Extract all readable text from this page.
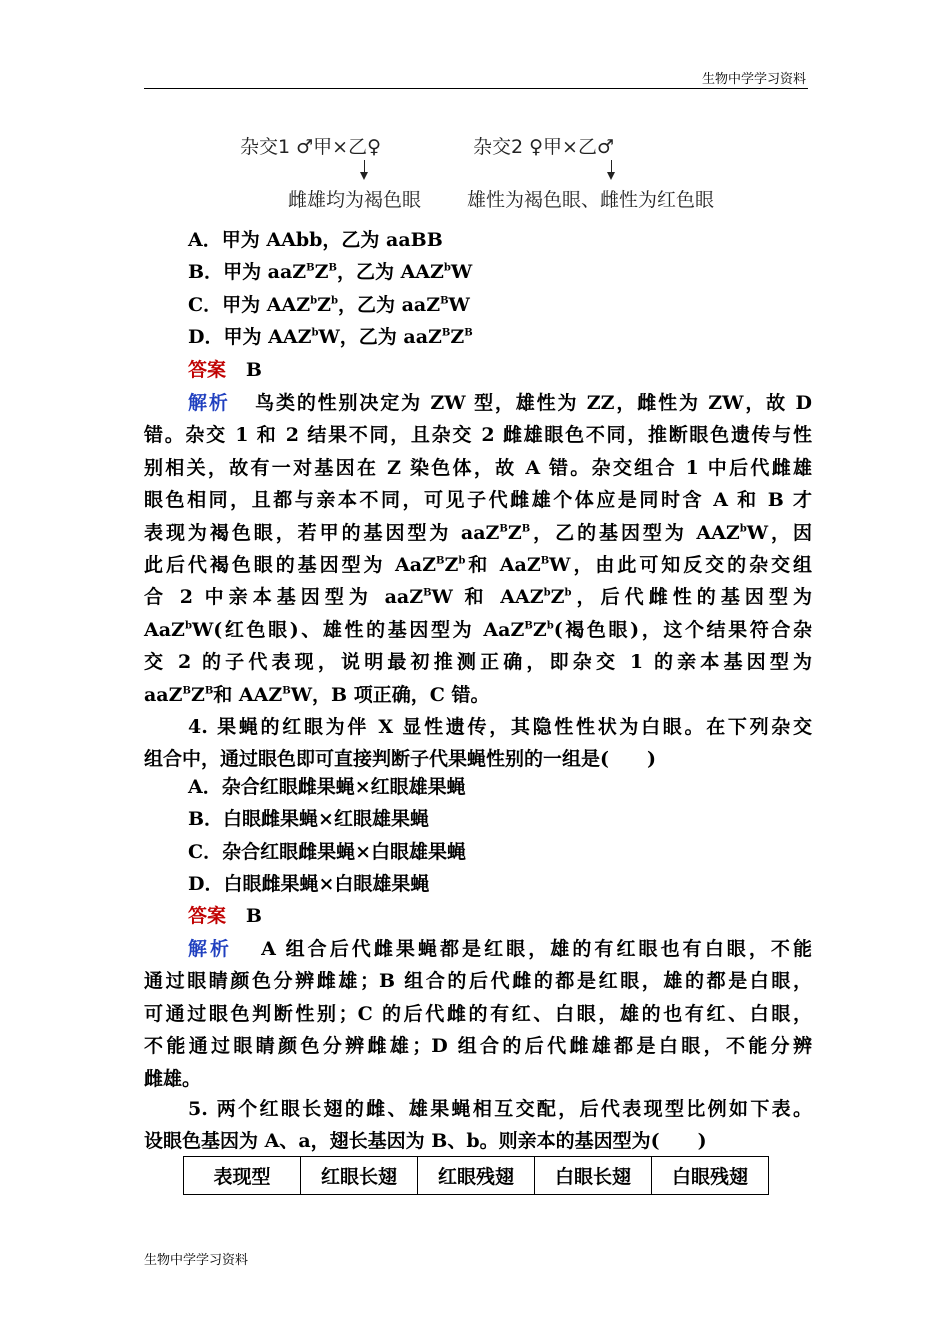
生物中学学习资料
杂交1 ♂甲×乙♀	杂交2 ♀甲×乙♂
雌雄均为褐色眼 雄性为褐色眼、雌性为红色眼
A．甲为 AAbb，乙为 aaBB
B．甲为 $aaZ^BZ^B$，乙为 AAZ$^b$W
C．甲为 $AAZ^bZ^b$，乙为 aaZ$^B$W
D．甲为 AAZ$^b$W，乙为 $aaZ^BZ^B$
答案 B
解析 鸟类的性别决定为 ZW 型，雄性为 ZZ，雌性为 ZW，故 D
错。杂交 1 和 2 结果不同，且杂交 2 雌雄眼色不同，推断眼色遗传与性
别相关，故有一对基因在 Z 染色体，故 A 错。杂交组合 1 中后代雌雄
眼色相同，且都与亲本不同，可见子代雌雄个体应是同时含 A 和 B 才
表现为褐色眼，若甲的基因型为 $aaZ^BZ^B$，乙的基因型为 AAZ$^b$W，因
此后代褐色眼的基因型为 $AaZ^BZ^b$和 AaZ$^B$W，由此可知反交的杂交组
合 2 中亲本基因型为 aaZ$^B$W 和 $AAZ^bZ^b$，后代雌性的基因型为
AaZ$^b$W(红色眼)、雄性的基因型为 $AaZ^BZ^b$(褐色眼)，这个结果符合杂
交 2 的子代表现，说明最初推测正确，即杂交 1 的亲本基因型为
$aaZ^BZ^B$和 $AAZ^BW$，B 项正确，C 错。
4. 果蝇的红眼为伴 X 显性遗传，其隐性性状为白眼。在下列杂交
组合中，通过眼色即可直接判断子代果蝇性别的一组是(　　)
A．杂合红眼雌果蝇×红眼雄果蝇
B．白眼雌果蝇×红眼雄果蝇
C．杂合红眼雌果蝇×白眼雄果蝇
D．白眼雌果蝇×白眼雄果蝇
答案 B
解析 A 组合后代雌果蝇都是红眼，雄的有红眼也有白眼，不能
通过眼睛颜色分辨雌雄；B 组合的后代雌的都是红眼，雄的都是白眼，
可通过眼色判断性别；C 的后代雌的有红、白眼，雄的也有红、白眼，
不能通过眼睛颜色分辨雌雄；D 组合的后代雌雄都是白眼，不能分辨
雌雄。
5. 两个红眼长翅的雌、雄果蝇相互交配，后代表现型比例如下表。
设眼色基因为 A、a，翅长基因为 B、b。则亲本的基因型为(　　)
表现型	红眼长翅	红眼残翅	白眼长翅	白眼残翅
生物中学学习资料
